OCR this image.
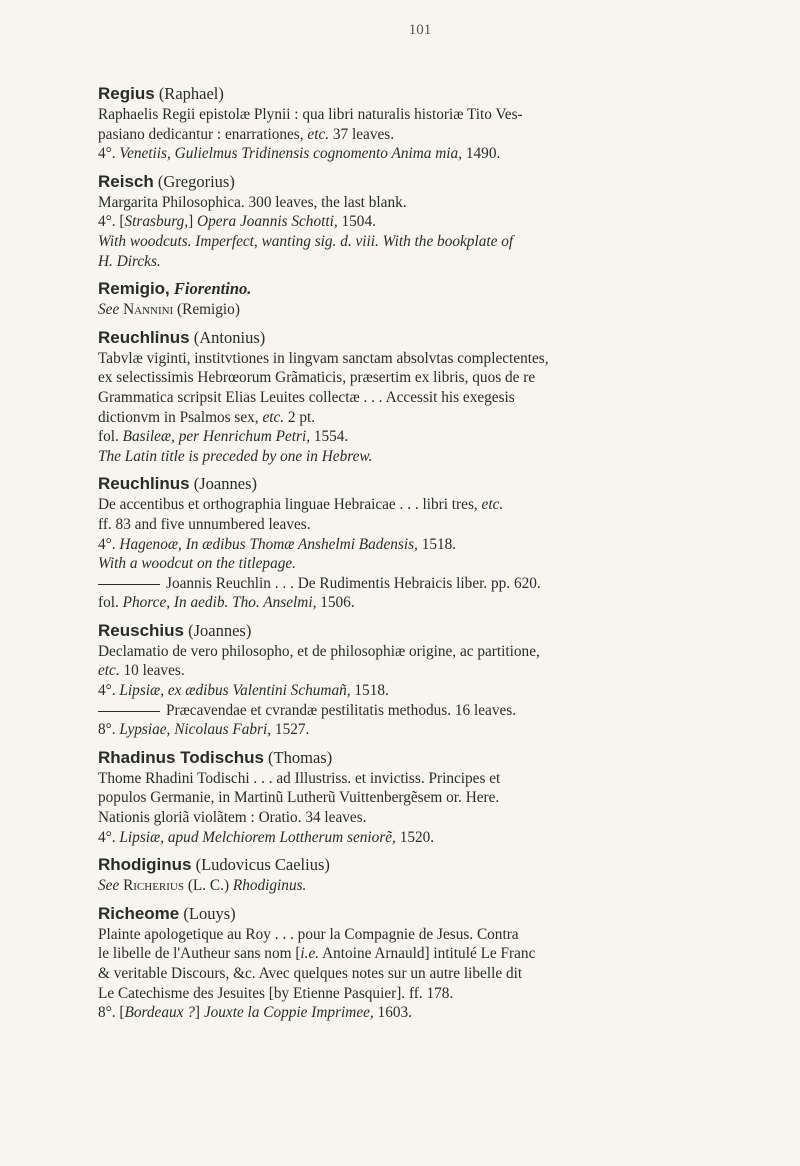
101
Regius (Raphael)
Raphaelis Regii epistolæ Plynii : qua libri naturalis historiæ Tito Ves-
pasiano dedicantur : enarrationes, etc. 37 leaves.
4°. Venetiis, Gulielmus Tridinensis cognomento Anima mia, 1490.
Reisch (Gregorius)
Margarita Philosophica. 300 leaves, the last blank.
4°. [Strasburg,] Opera Joannis Schotti, 1504.
With woodcuts. Imperfect, wanting sig. d. viii. With the bookplate of
H. Dircks.
Remigio, Fiorentino.
See Nannini (Remigio)
Reuchlinus (Antonius)
Tabvlæ viginti, institvtiones in lingvam sanctam absolvtas complectentes,
ex selectissimis Hebrœorum Grãmaticis, præsertim ex libris, quos de re
Grammatica scripsit Elias Leuites collectæ . . . Accessit his exegesis
dictionvm in Psalmos sex, etc. 2 pt.
fol. Basileæ, per Henrichum Petri, 1554.
The Latin title is preceded by one in Hebrew.
Reuchlinus (Joannes)
De accentibus et orthographia linguae Hebraicae . . . libri tres, etc.
ff. 83 and five unnumbered leaves.
4°. Hagenoæ, In ædibus Thomæ Anshelmi Badensis, 1518.
With a woodcut on the titlepage.
Joannis Reuchlin . . . De Rudimentis Hebraicis liber. pp. 620.
fol. Phorce, In aedib. Tho. Anselmi, 1506.
Reuschius (Joannes)
Declamatio de vero philosopho, et de philosophiæ origine, ac partitione,
etc. 10 leaves.
4°. Lipsiæ, ex ædibus Valentini Schumañ, 1518.
Præcavendae et cvrandæ pestilitatis methodus. 16 leaves.
8°. Lypsiae, Nicolaus Fabri, 1527.
Rhadinus Todischus (Thomas)
Thome Rhadini Todischi . . . ad Illustriss. et invictiss. Principes et
populos Germanie, in Martinũ Lutherũ Vuittenbergẽsem or. Here.
Nationis gloriã violãtem : Oratio. 34 leaves.
4°. Lipsiæ, apud Melchiorem Lottherum seniorẽ, 1520.
Rhodiginus (Ludovicus Caelius)
See Richerius (L. C.) Rhodiginus.
Richeome (Louys)
Plainte apologetique au Roy . . . pour la Compagnie de Jesus. Contra
le libelle de l'Autheur sans nom [i.e. Antoine Arnauld] intitulé Le Franc
& veritable Discours, &c. Avec quelques notes sur un autre libelle dit
Le Catechisme des Jesuites [by Etienne Pasquier]. ff. 178.
8°. [Bordeaux ?] Jouxte la Coppie Imprimee, 1603.
